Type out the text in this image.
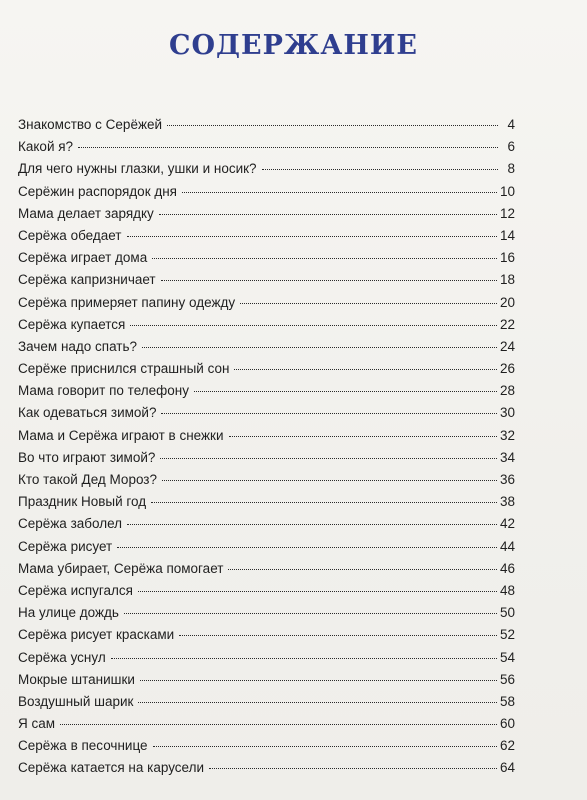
СОДЕРЖАНИЕ
Знакомство с Серёжей	4
Какой я?	6
Для чего нужны глазки, ушки и носик?	8
Серёжин распорядок дня	10
Мама делает зарядку	12
Серёжа обедает	14
Серёжа играет дома	16
Серёжа капризничает	18
Серёжа примеряет папину одежду	20
Серёжа купается	22
Зачем надо спать?	24
Серёже приснился страшный сон	26
Мама говорит по телефону	28
Как одеваться зимой?	30
Мама и Серёжа играют в снежки	32
Во что играют зимой?	34
Кто такой Дед Мороз?	36
Праздник Новый год	38
Серёжа заболел	42
Серёжа рисует	44
Мама убирает, Серёжа помогает	46
Серёжа испугался	48
На улице дождь	50
Серёжа рисует красками	52
Серёжа уснул	54
Мокрые штанишки	56
Воздушный шарик	58
Я сам	60
Серёжа в песочнице	62
Серёжа катается на карусели	64
